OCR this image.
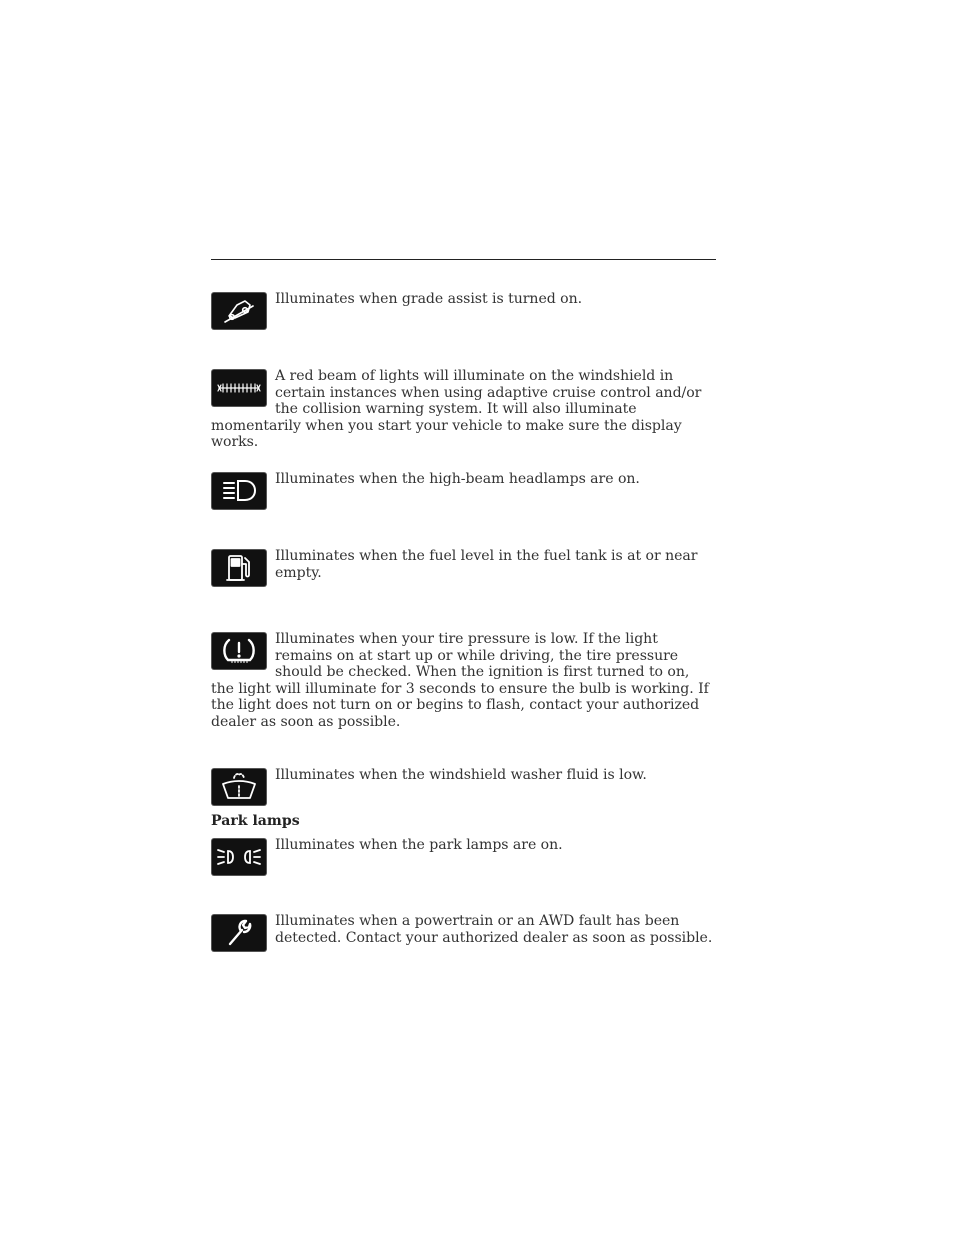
Illuminates when grade assist is turned on.

A red beam of lights will illuminate on the windshield in certain instances when using adaptive cruise control and/or the collision warning system. It will also illuminate momentarily when you start your vehicle to make sure the display works.

Illuminates when the high-beam headlamps are on.

Illuminates when the fuel level in the fuel tank is at or near empty.

Illuminates when your tire pressure is low. If the light remains on at start up or while driving, the tire pressure should be checked. When the ignition is first turned to on, the light will illuminate for 3 seconds to ensure the bulb is working. If the light does not turn on or begins to flash, contact your authorized dealer as soon as possible.

Illuminates when the windshield washer fluid is low.

Park lamps

Illuminates when the park lamps are on.

Illuminates when a powertrain or an AWD fault has been detected. Contact your authorized dealer as soon as possible.
